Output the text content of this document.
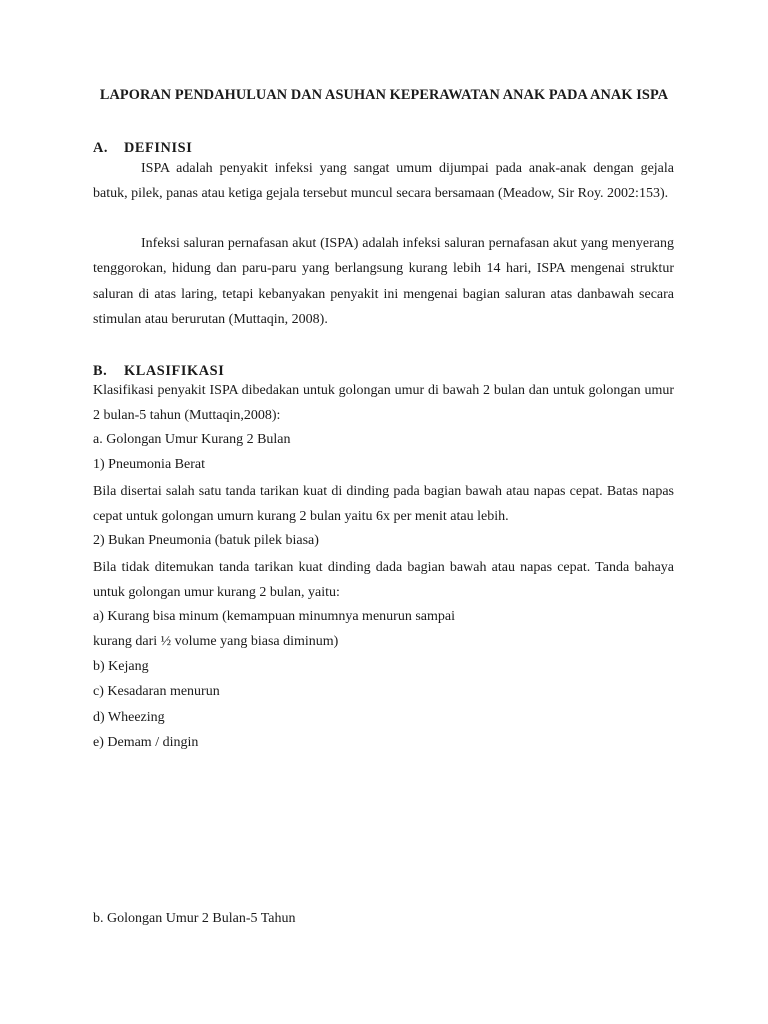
LAPORAN PENDAHULUAN DAN ASUHAN KEPERAWATAN ANAK PADA ANAK ISPA
A. DEFINISI

ISPA adalah penyakit infeksi yang sangat umum dijumpai pada anak-anak dengan gejala batuk, pilek, panas atau ketiga gejala tersebut muncul secara bersamaan (Meadow, Sir Roy. 2002:153).

Infeksi saluran pernafasan akut (ISPA) adalah infeksi saluran pernafasan akut yang menyerang tenggorokan, hidung dan paru-paru yang berlangsung kurang lebih 14 hari, ISPA mengenai struktur saluran di atas laring, tetapi kebanyakan penyakit ini mengenai bagian saluran atas danbawah secara stimulan atau berurutan (Muttaqin, 2008).

B. KLASIFIKASI

Klasifikasi penyakit ISPA dibedakan untuk golongan umur di bawah 2 bulan dan untuk golongan umur 2 bulan-5 tahun (Muttaqin,2008):

a. Golongan Umur Kurang 2 Bulan

1) Pneumonia Berat

Bila disertai salah satu tanda tarikan kuat di dinding pada bagian bawah atau napas cepat. Batas napas cepat untuk golongan umurn kurang 2 bulan yaitu 6x per menit atau lebih.

2) Bukan Pneumonia (batuk pilek biasa)

Bila tidak ditemukan tanda tarikan kuat dinding dada bagian bawah atau napas cepat. Tanda bahaya untuk golongan umur kurang 2 bulan, yaitu:

a) Kurang bisa minum (kemampuan minumnya menurun sampai

kurang dari ½ volume yang biasa diminum)

b) Kejang

c) Kesadaran menurun

d) Wheezing

e) Demam / dingin

b. Golongan Umur 2 Bulan-5 Tahun
